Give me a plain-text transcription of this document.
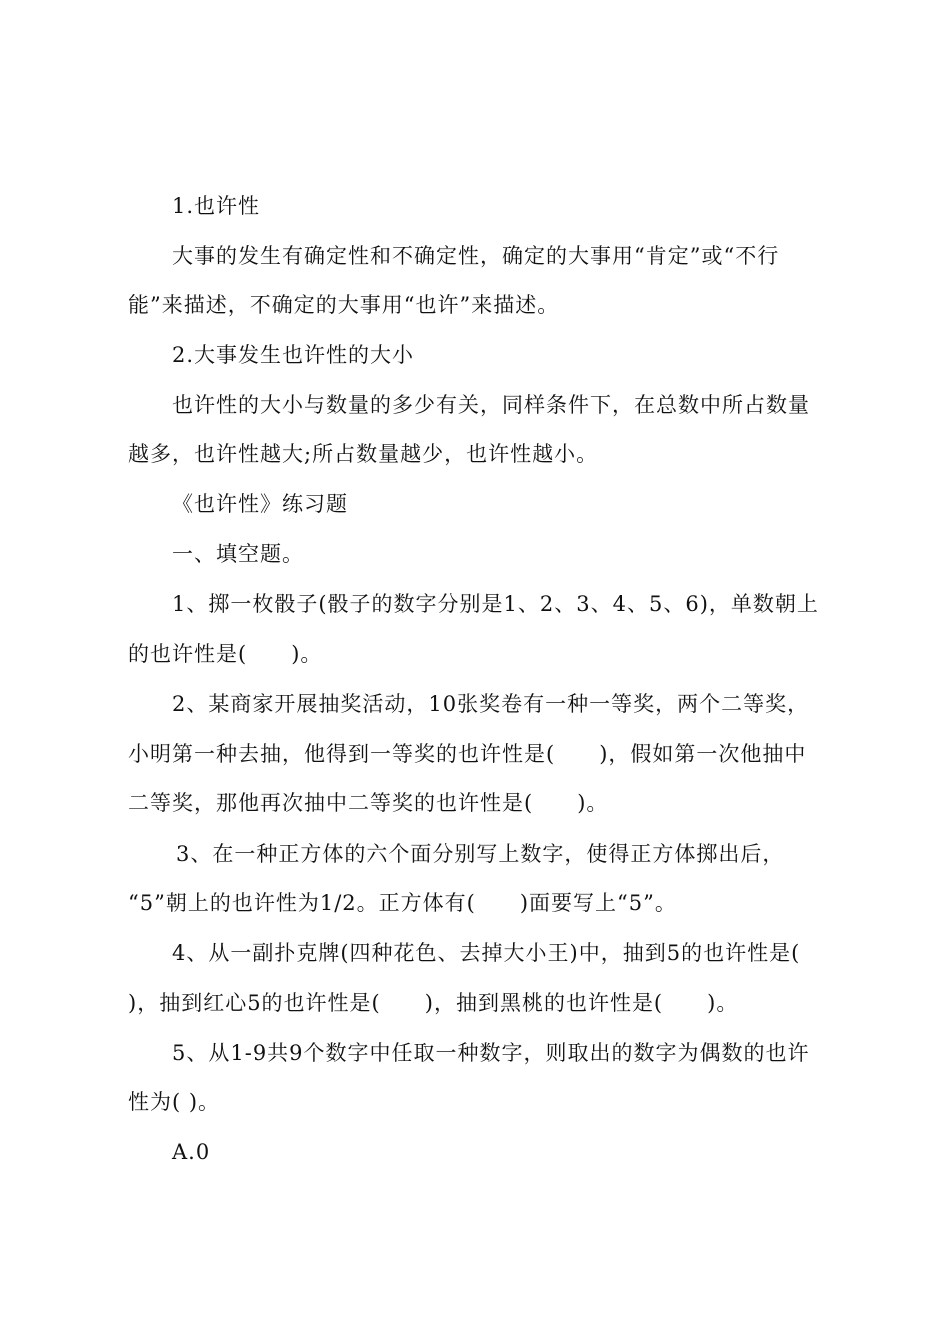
1.也许性
大事的发生有确定性和不确定性，确定的大事用“肯定”或“不行
能”来描述，不确定的大事用“也许”来描述。
2.大事发生也许性的大小
也许性的大小与数量的多少有关，同样条件下，在总数中所占数量
越多，也许性越大;所占数量越少，也许性越小。
《也许性》练习题
一、填空题。
1、掷一枚骰子(骰子的数字分别是1、2、3、4、5、6)，单数朝上
的也许性是(　　)。
2、某商家开展抽奖活动，10张奖卷有一种一等奖，两个二等奖，
小明第一种去抽，他得到一等奖的也许性是(　　)，假如第一次他抽中
二等奖，那他再次抽中二等奖的也许性是(　　)。
3、在一种正方体的六个面分别写上数字，使得正方体掷出后，
“5”朝上的也许性为1/2。正方体有(　　)面要写上“5”。
4、从一副扑克牌(四种花色、去掉大小王)中，抽到5的也许性是(
)，抽到红心5的也许性是(　　)，抽到黑桃的也许性是(　　)。
5、从1-9共9个数字中任取一种数字，则取出的数字为偶数的也许
性为( )。
A.0
